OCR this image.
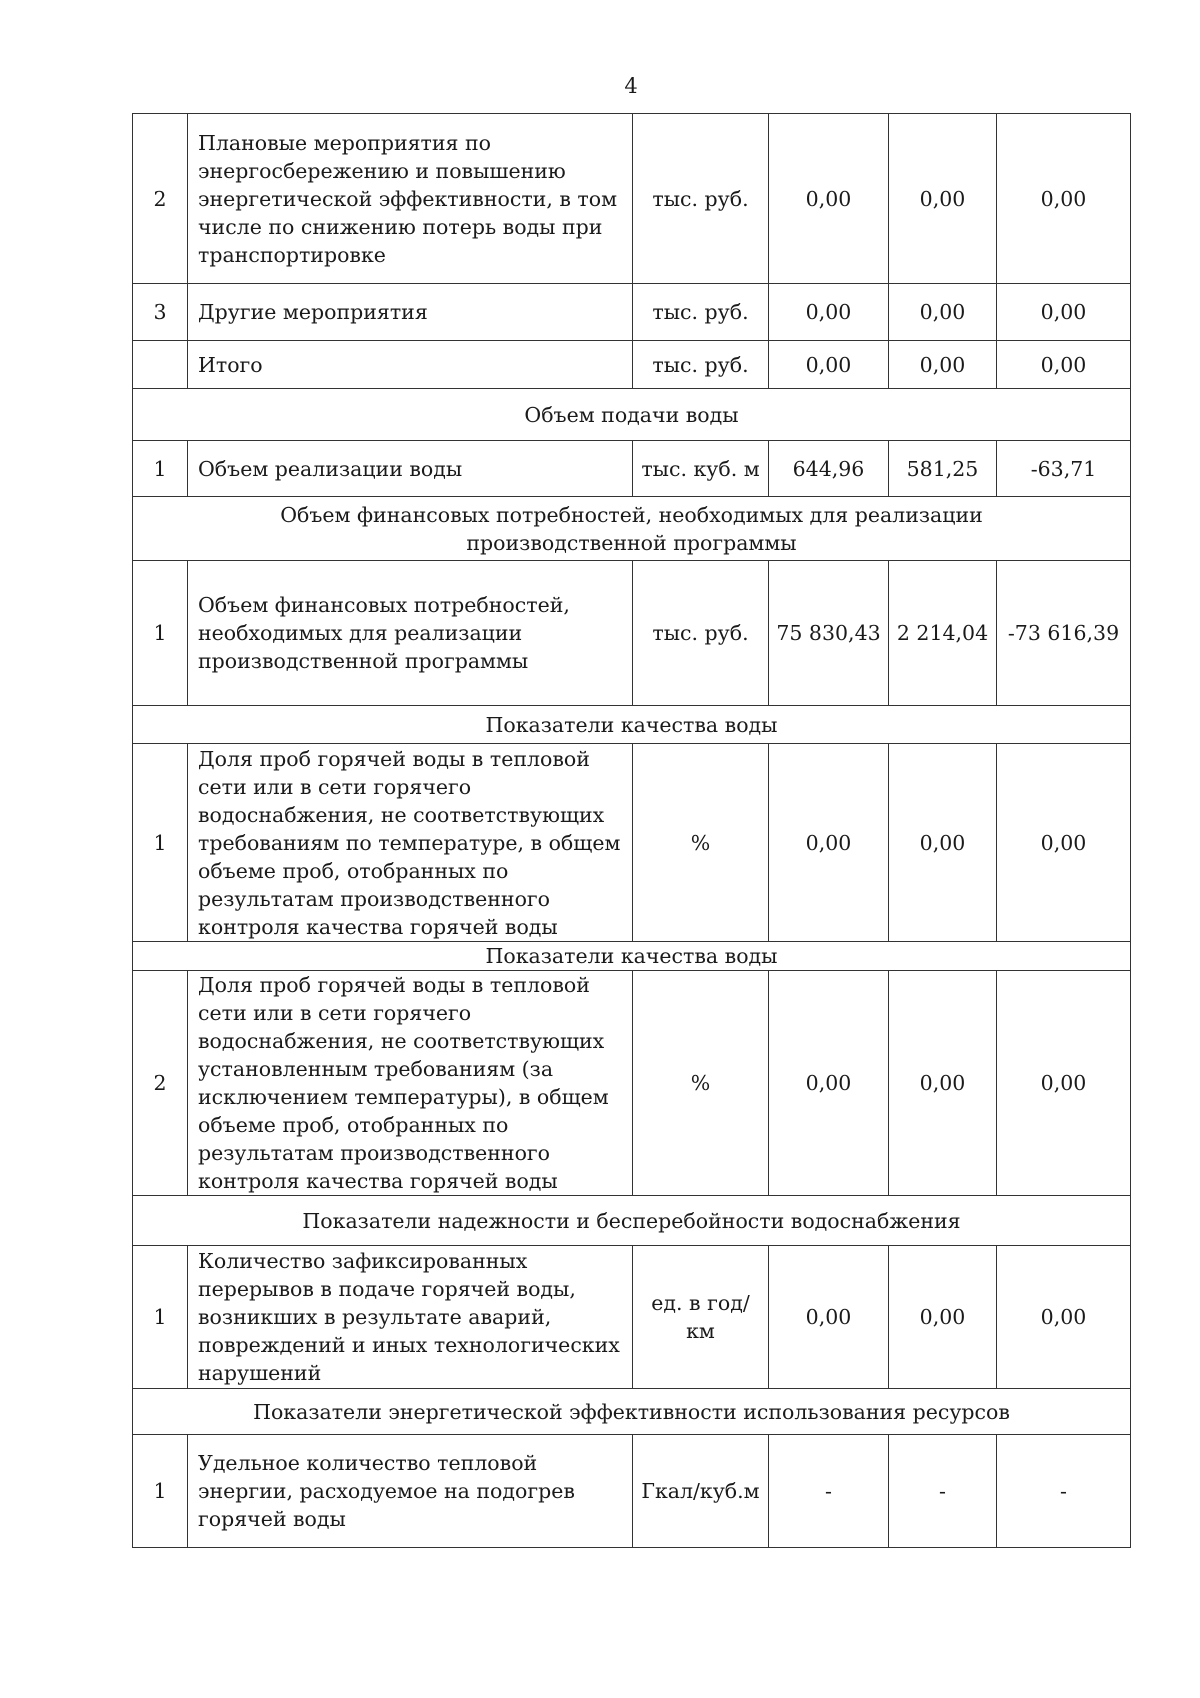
4
2	Плановые мероприятия по энергосбережению и повышению энергетической эффективности, в том числе по снижению потерь воды при транспортировке	тыс. руб.	0,00	0,00	0,00
3	Другие мероприятия	тыс. руб.	0,00	0,00	0,00
	Итого	тыс. руб.	0,00	0,00	0,00
Объем подачи воды					
1	Объем реализации воды	тыс. куб. м	644,96	581,25	-63,71
Объем финансовых потребностей, необходимых для реализации производственной программы					
1	Объем финансовых потребностей, необходимых для реализации производственной программы	тыс. руб.	75 830,43	2 214,04	-73 616,39
Показатели качества воды					
1	Доля проб горячей воды в тепловой сети или в сети горячего водоснабжения, не соответствующих требованиям по температуре, в общем объеме проб, отобранных по результатам производственного контроля качества горячей воды	%	0,00	0,00	0,00
Показатели качества воды					
2	Доля проб горячей воды в тепловой сети или в сети горячего водоснабжения, не соответствующих установленным требованиям (за исключением температуры), в общем объеме проб, отобранных по результатам производственного контроля качества горячей воды	%	0,00	0,00	0,00
Показатели надежности и бесперебойности водоснабжения					
1	Количество зафиксированных перерывов в подаче горячей воды, возникших в результате аварий, повреждений и иных технологических нарушений	ед. в год/ км	0,00	0,00	0,00
Показатели энергетической эффективности использования ресурсов					
1	Удельное количество тепловой энергии, расходуемое на подогрев горячей воды	Гкал/куб.м	-	-	-
